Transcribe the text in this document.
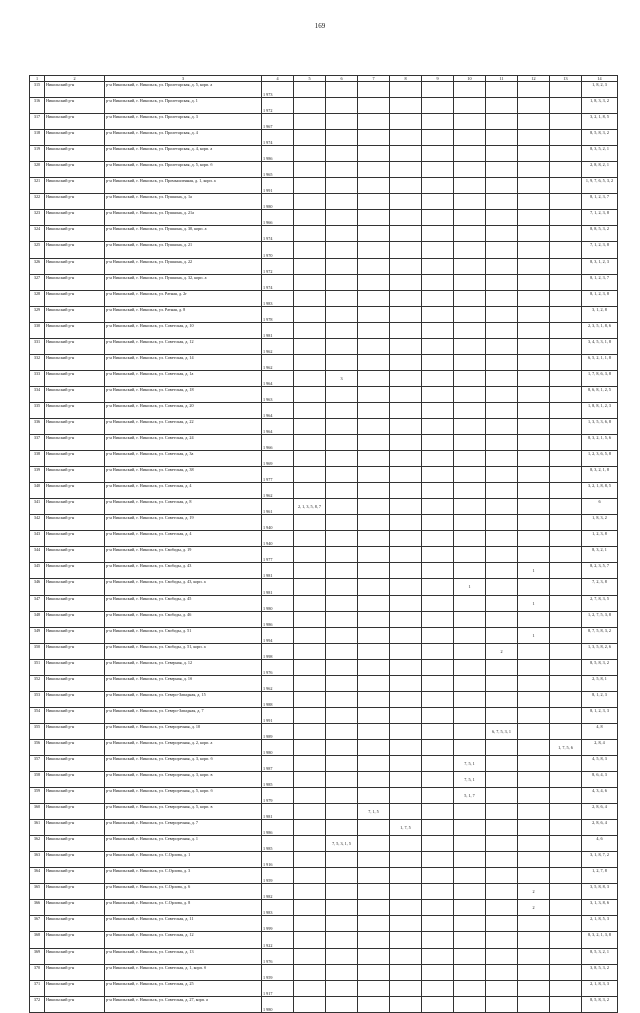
169
1	2	3	4	5	6	7	8	9	10	11	12	13	14
315	Никольский р-н	р-н Никольский, г. Никольск, ул. Пролетарская, д. 5, корп. а	1 973										1, 8, 2, 3
316	Никольский р-н	р-н Никольский, г. Никольск, ул. Пролетарская, д. 1	1 972										1, 8, 3, 3, 2
317	Никольский р-н	р-н Никольский, г. Никольск, ул. Пролетарская, д. 3	1 967										3, 2, 1, 8, 5
318	Никольский р-н	р-н Никольский, г. Никольск, ул. Пролетарская, д. 4	1 974										8, 5, 8, 3, 2
319	Никольский р-н	р-н Никольский, г. Никольск, ул. Пролетарская, д. 4, корп. а	1 986										8, 3, 5, 2, 1
320	Никольский р-н	р-н Никольский, г. Никольск, ул. Пролетарская, д. 5, корп. б	1 965										2, 8, 8, 2, 1
321	Никольский р-н	р-н Никольский, г. Никольск, ул. Промышленная, д. 1, корп. а	1 991										1, 9, 7, 6, 5, 3, 2
322	Никольский р-н	р-н Никольский, г. Никольск, ул. Пушкина, д. 1а	1 980										8, 1, 2, 3, 7
323	Никольский р-н	р-н Никольский, г. Никольск, ул. Пушкина, д. 21а	1 966										7, 1, 2, 3, 8
324	Никольский р-н	р-н Никольский, г. Никольск, ул. Пушкина, д. 30, корп. а	1 974										8, 8, 5, 3, 2
325	Никольский р-н	р-н Никольский, г. Никольск, ул. Пушкина, д. 21	1 970										7, 1, 2, 3, 8
326	Никольский р-н	р-н Никольский, г. Никольск, ул. Пушкина, д. 22	1 972										8, 3, 1, 2, 3
327	Никольский р-н	р-н Никольский, г. Никольск, ул. Пушкина, д. 32, корп. а	1 974										8, 1, 2, 3, 7
328	Никольский р-н	р-н Никольский, г. Никольск, ул. Ратная, д. 2г	1 983										8, 1, 2, 3, 8
329	Никольский р-н	р-н Никольский, г. Никольск, ул. Ратная, д. 8	1 978										3, 1, 2, 8
330	Никольский р-н	р-н Никольский, г. Никольск, ул. Советская, д. 10	1 981										2, 3, 5, 1, 8, 6
331	Никольский р-н	р-н Никольский, г. Никольск, ул. Советская, д. 12	1 962										3, 4, 5, 3, 1, 8
332	Никольский р-н	р-н Никольский, г. Никольск, ул. Советская, д. 14	1 962										6, 5, 2, 1, 1, 8
333	Никольский р-н	р-н Никольский, г. Никольск, ул. Советская, д. 1а	1 964		3								1, 7, 8, 6, 3, 8
334	Никольский р-н	р-н Никольский, г. Никольск, ул. Советская, д. 18	1 963										8, 6, 8, 1, 2, 5
335	Никольский р-н	р-н Никольский, г. Никольск, ул. Советская, д. 20	1 964										1, 8, 8, 1, 2, 3
336	Никольский р-н	р-н Никольский, г. Никольск, ул. Советская, д. 22	1 964										1, 3, 5, 3, 6, 8
337	Никольский р-н	р-н Никольский, г. Никольск, ул. Советская, д. 24	1 966										8, 3, 2, 1, 5, 6
338	Никольский р-н	р-н Никольский, г. Никольск, ул. Советская, д. 3а	1 969										1, 2, 3, 6, 5, 8
339	Никольский р-н	р-н Никольский, г. Никольск, ул. Советская, д. 38	1 977										8, 3, 2, 1, 8
340	Никольский р-н	р-н Никольский, г. Никольск, ул. Советская, д. 4	1 962										3, 2, 1, 8, 8, 5
341	Никольский р-н	р-н Никольский, г. Никольск, ул. Советская, д. 8	1 961	2, 1, 3, 5, 8, 7									6
342	Никольский р-н	р-н Никольский, г. Никольск, ул. Советская, д. 19	1 940										1, 8, 3, 2
343	Никольский р-н	р-н Никольский, г. Никольск, ул. Советская, д. 4	1 940										1, 2, 3, 8
344	Никольский р-н	р-н Никольский, г. Никольск, ул. Свободы, д. 19	1 977										8, 3, 2, 1
345	Никольский р-н	р-н Никольский, г. Никольск, ул. Свободы, д. 43	1 981								1		8, 2, 3, 5, 7
346	Никольский р-н	р-н Никольский, г. Никольск, ул. Свободы, д. 43, корп. а	1 981						1				7, 2, 3, 8
347	Никольский р-н	р-н Никольский, г. Никольск, ул. Свободы, д. 45	1 980								1		2, 7, 8, 3, 5
348	Никольский р-н	р-н Никольский, г. Никольск, ул. Свободы, д. 46	1 986										1, 2, 7, 5, 3, 8
349	Никольский р-н	р-н Никольский, г. Никольск, ул. Свободы, д. 51	1 994								1		8, 7, 5, 8, 3, 2
350	Никольский р-н	р-н Никольский, г. Никольск, ул. Свободы, д. 51, корп. а	1 998							2			1, 3, 5, 8, 2, 6
351	Никольский р-н	р-н Никольский, г. Никольск, ул. Северная, д. 12	1 976										8, 5, 8, 3, 2
352	Никольский р-н	р-н Никольский, г. Никольск, ул. Северная, д. 1б	1 962										2, 5, 8, 1
353	Никольский р-н	р-н Никольский, г. Никольск, ул. Северо-Западная, д. 15	1 988										8, 1, 2, 3
354	Никольский р-н	р-н Никольский, г. Никольск, ул. Северо-Западная, д. 7	1 991										8, 1, 2, 3, 3
355	Никольский р-н	р-н Никольский, г. Никольск, ул. Североречная, д. 10	1 989							6, 7, 5, 3, 1			4, 8
356	Никольский р-н	р-н Никольский, г. Никольск, ул. Североречная, д. 2, корп. а	1 980									1, 7, 5, 6	2, 8, 4
357	Никольский р-н	р-н Никольский, г. Никольск, ул. Североречная, д. 3, корп. б	1 987						7, 5, 1				4, 5, 8, 3
358	Никольский р-н	р-н Никольский, г. Никольск, ул. Североречная, д. 3, корп. в	1 985						7, 5, 1				8, 6, 4, 3
359	Никольский р-н	р-н Никольский, г. Никольск, ул. Североречная, д. 5, корп. б	1 979						5, 1, 7				4, 3, 4, 6
360	Никольский р-н	р-н Никольский, г. Никольск, ул. Североречная, д. 5, корп. в	1 981			7, 1, 5							2, 8, 6, 4
361	Никольский р-н	р-н Никольский, г. Никольск, ул. Североречная, д. 7	1 986				1, 7, 5						2, 8, 6, 4
362	Никольский р-н	р-н Никольский, г. Никольск, ул. Североречная, д. 1	1 985		7, 5, 3, 1, 5								4, 6
363	Никольский р-н	р-н Никольский, г. Никольск, ул. С.Орлова, д. 1	1 916										3, 1, 8, 7, 2
364	Никольский р-н	р-н Никольский, г. Никольск, ул. С.Орлова, д. 3	1 959										1, 2, 7, 8
365	Никольский р-н	р-н Никольский, г. Никольск, ул. С.Орлова, д. 6	1 982								2		3, 5, 8, 8, 3
366	Никольский р-н	р-н Никольский, г. Никольск, ул. С.Орлова, д. 8	1 983								2		3, 1, 3, 8, 6
367	Никольский р-н	р-н Никольский, г. Никольск, ул. Советская, д. 11	1 999										2, 1, 8, 5, 3
368	Никольский р-н	р-н Никольский, г. Никольск, ул. Советская, д. 12	1 922										8, 3, 2, 1, 3, 8
369	Никольский р-н	р-н Никольский, г. Никольск, ул. Советская, д. 13	1 976										8, 5, 3, 2, 1
370	Никольский р-н	р-н Никольский, г. Никольск, ул. Советская, д. 1, корп. б	1 959										3, 8, 5, 3, 2
371	Никольский р-н	р-н Никольский, г. Никольск, ул. Советская, д. 25	1 917										2, 1, 8, 3, 3
372	Никольский р-н	р-н Никольский, г. Никольск, ул. Советская, д. 27, корп. а	1 980										8, 5, 8, 3, 2
